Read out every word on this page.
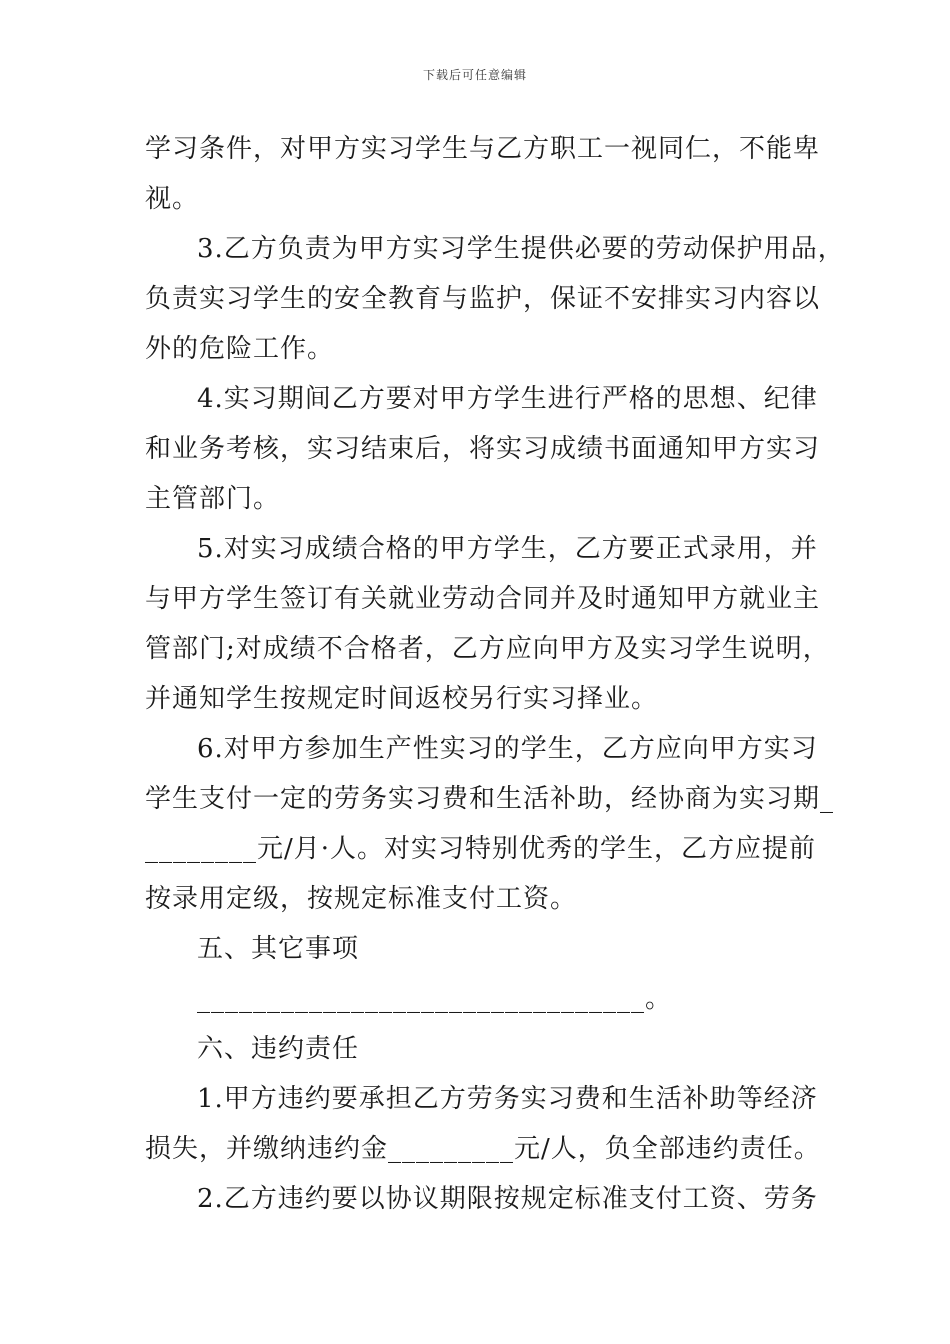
下载后可任意编辑
学习条件，对甲方实习学生与乙方职工一视同仁，不能卑
视。
3.乙方负责为甲方实习学生提供必要的劳动保护用品，
负责实习学生的安全教育与监护，保证不安排实习内容以
外的危险工作。
4.实习期间乙方要对甲方学生进行严格的思想、纪律
和业务考核，实习结束后，将实习成绩书面通知甲方实习
主管部门。
5.对实习成绩合格的甲方学生，乙方要正式录用，并
与甲方学生签订有关就业劳动合同并及时通知甲方就业主
管部门;对成绩不合格者，乙方应向甲方及实习学生说明，
并通知学生按规定时间返校另行实习择业。
6.对甲方参加生产性实习的学生，乙方应向甲方实习
学生支付一定的劳务实习费和生活补助，经协商为实习期_
________元/月·人。对实习特别优秀的学生，乙方应提前
按录用定级，按规定标准支付工资。
五、其它事项
________________________________。
六、违约责任
1.甲方违约要承担乙方劳务实习费和生活补助等经济
损失，并缴纳违约金_________元/人，负全部违约责任。
2.乙方违约要以协议期限按规定标准支付工资、劳务
